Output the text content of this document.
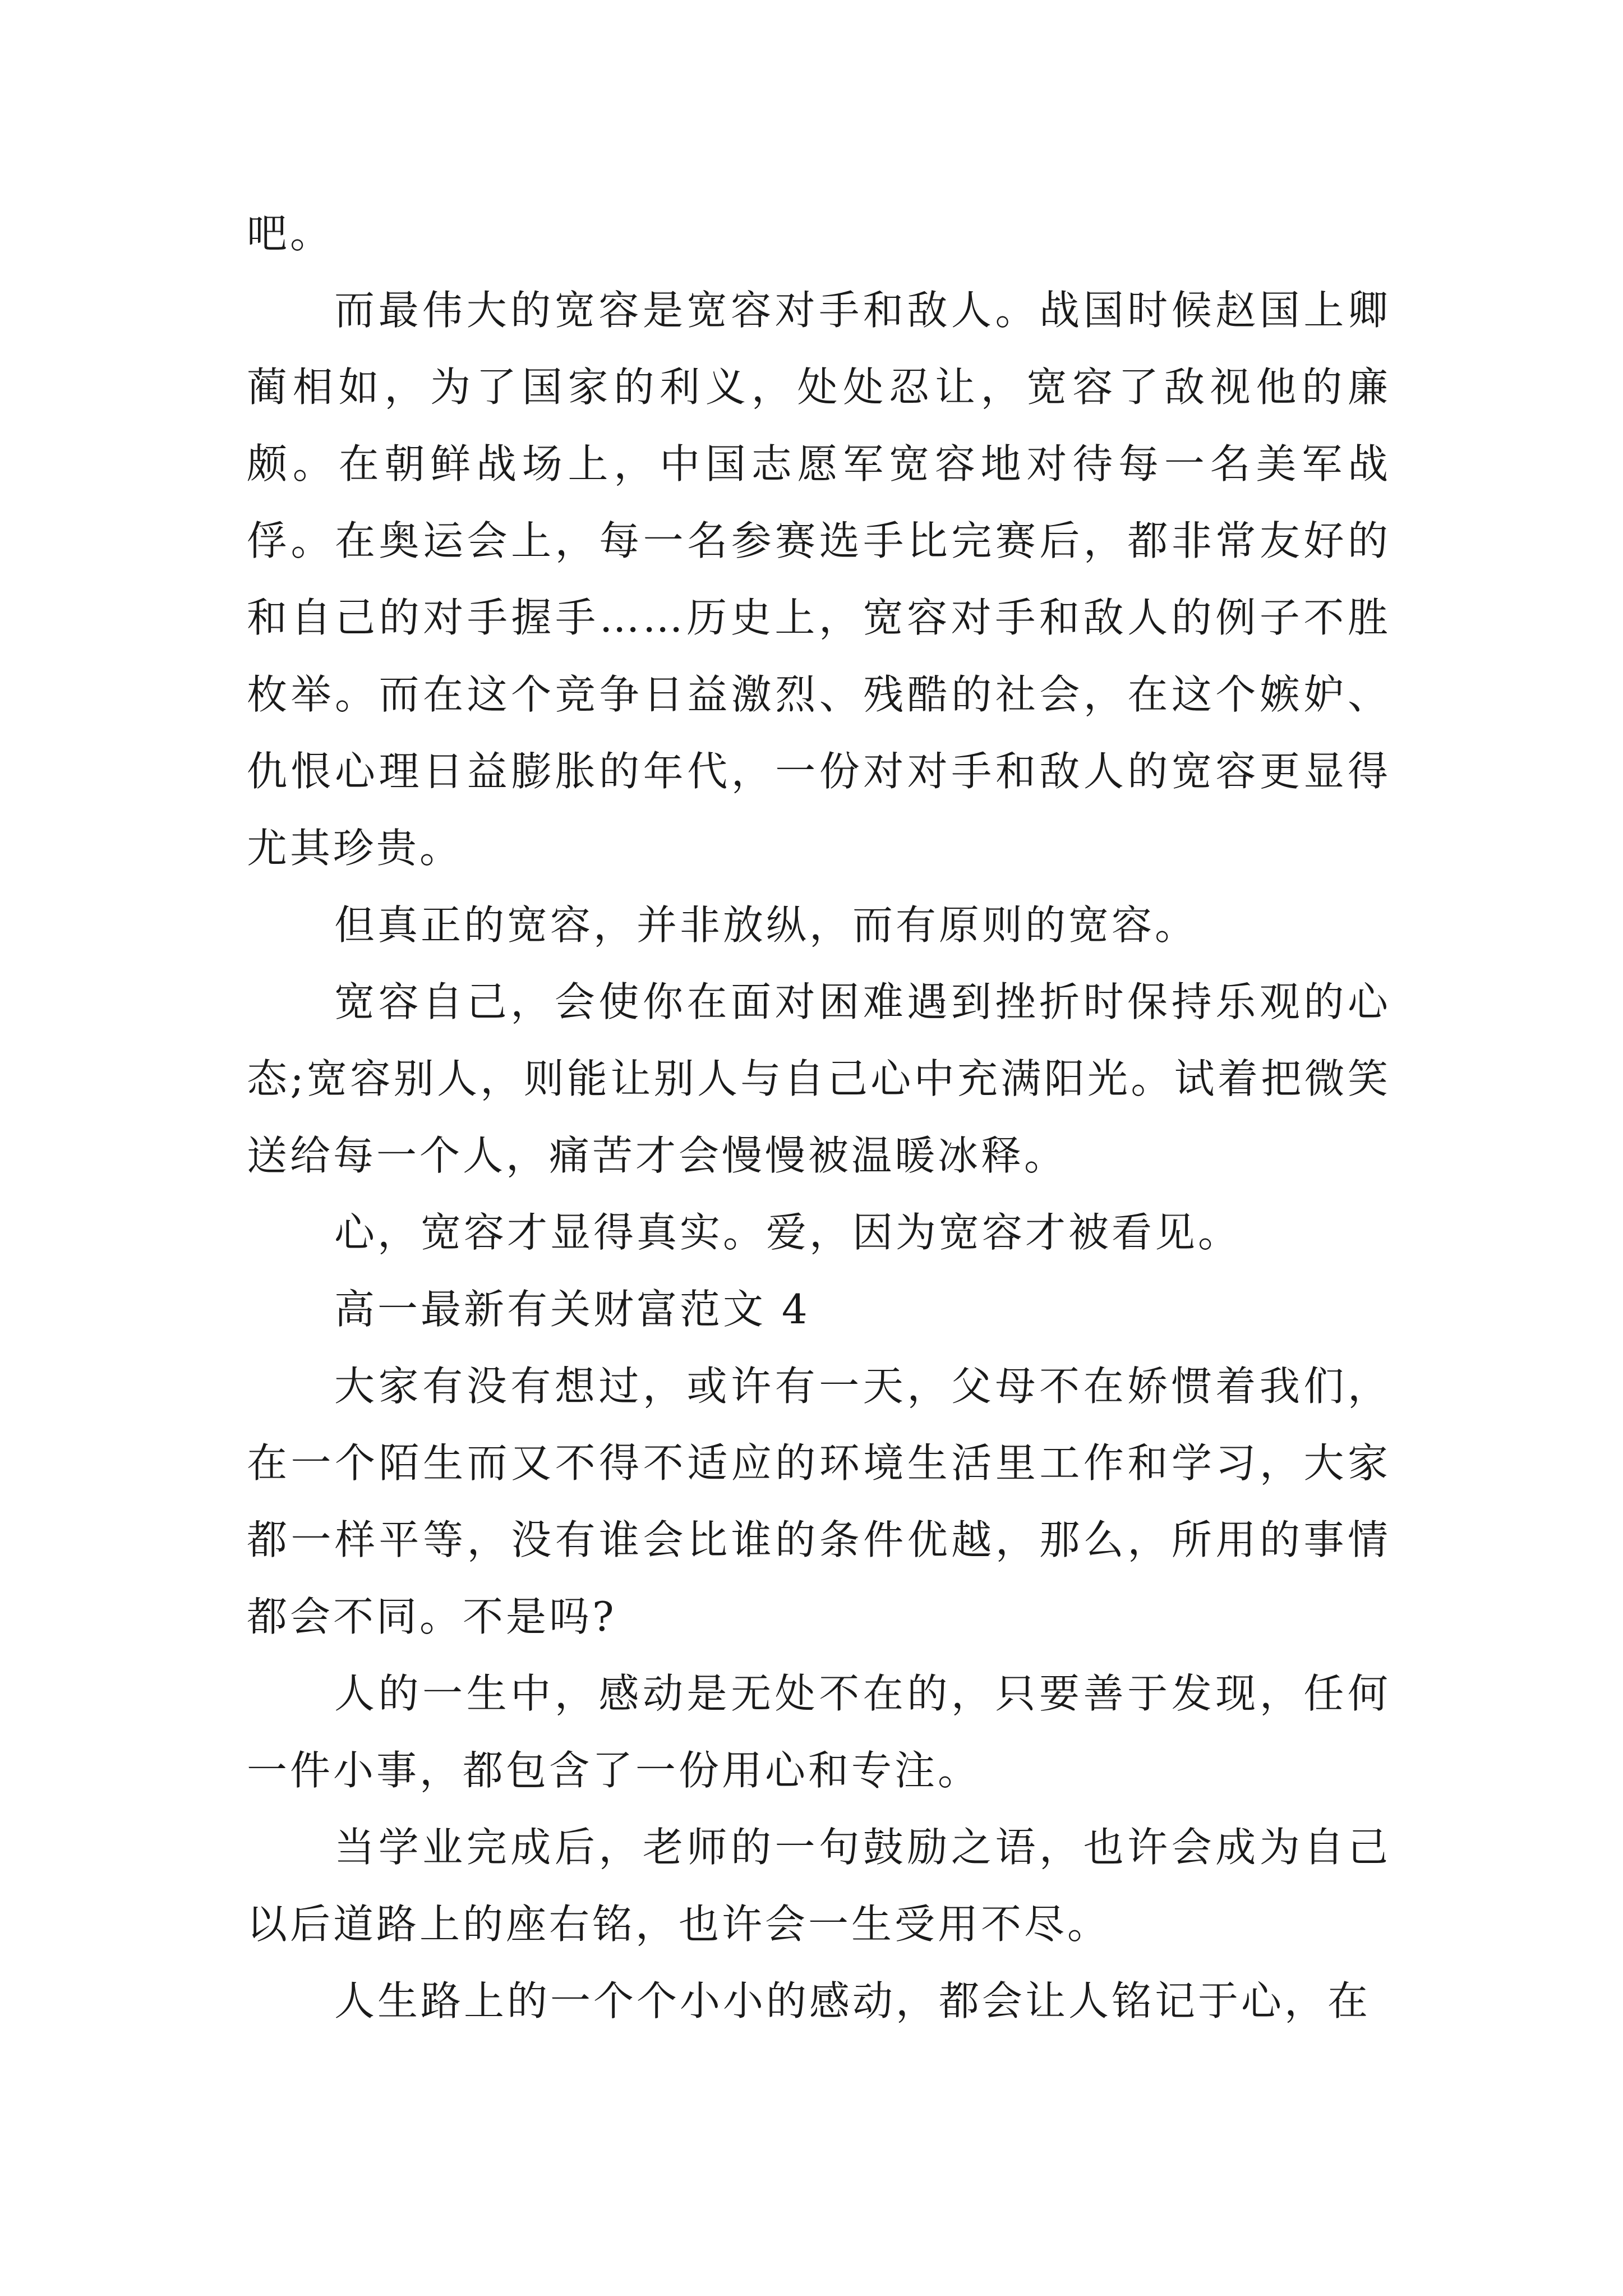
吧。

而最伟大的宽容是宽容对手和敌人。战国时候赵国上卿蔺相如，为了国家的利义，处处忍让，宽容了敌视他的廉颇。在朝鲜战场上，中国志愿军宽容地对待每一名美军战俘。在奥运会上，每一名参赛选手比完赛后，都非常友好的和自己的对手握手……历史上，宽容对手和敌人的例子不胜枚举。而在这个竞争日益激烈、残酷的社会，在这个嫉妒、仇恨心理日益膨胀的年代，一份对对手和敌人的宽容更显得尤其珍贵。

但真正的宽容，并非放纵，而有原则的宽容。

宽容自己，会使你在面对困难遇到挫折时保持乐观的心态;宽容别人，则能让别人与自己心中充满阳光。试着把微笑送给每一个人，痛苦才会慢慢被温暖冰释。

心，宽容才显得真实。爱，因为宽容才被看见。

高一最新有关财富范文 4

大家有没有想过，或许有一天，父母不在娇惯着我们，在一个陌生而又不得不适应的环境生活里工作和学习，大家都一样平等，没有谁会比谁的条件优越，那么，所用的事情都会不同。不是吗?

人的一生中，感动是无处不在的，只要善于发现，任何一件小事，都包含了一份用心和专注。

当学业完成后，老师的一句鼓励之语，也许会成为自己以后道路上的座右铭，也许会一生受用不尽。

人生路上的一个个小小的感动，都会让人铭记于心，在
